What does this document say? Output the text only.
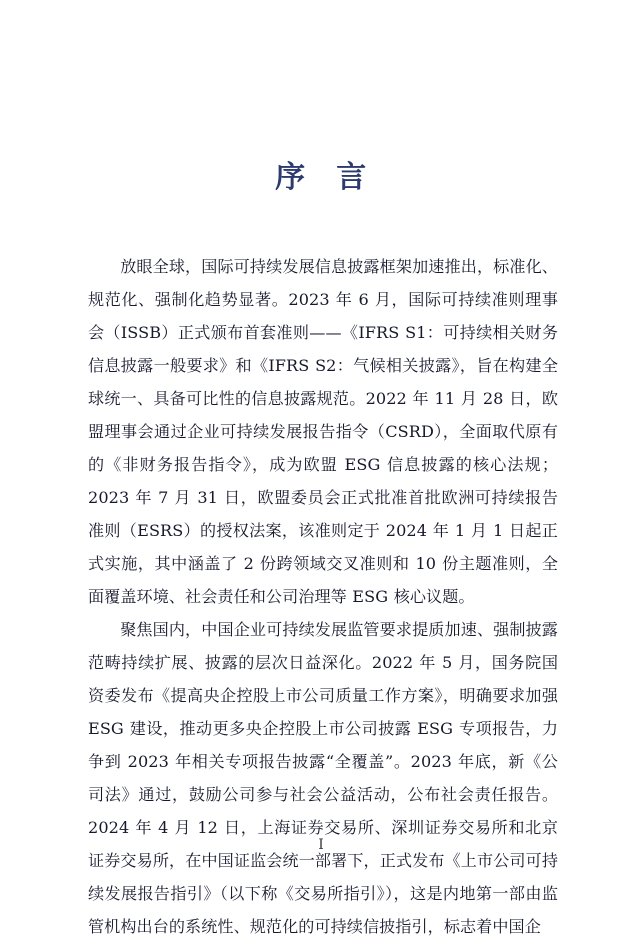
序　言

放眼全球，国际可持续发展信息披露框架加速推出，标准化、规范化、强制化趋势显著。2023 年 6 月，国际可持续准则理事会（ISSB）正式颁布首套准则——《IFRS S1：可持续相关财务信息披露一般要求》和《IFRS S2：气候相关披露》，旨在构建全球统一、具备可比性的信息披露规范。2022 年 11 月 28 日，欧盟理事会通过企业可持续发展报告指令（CSRD），全面取代原有的《非财务报告指令》，成为欧盟 ESG 信息披露的核心法规；2023 年 7 月 31 日，欧盟委员会正式批准首批欧洲可持续报告准则（ESRS）的授权法案，该准则定于 2024 年 1 月 1 日起正式实施，其中涵盖了 2 份跨领域交叉准则和 10 份主题准则，全面覆盖环境、社会责任和公司治理等 ESG 核心议题。

聚焦国内，中国企业可持续发展监管要求提质加速、强制披露范畴持续扩展、披露的层次日益深化。2022 年 5 月，国务院国资委发布《提高央企控股上市公司质量工作方案》，明确要求加强 ESG 建设，推动更多央企控股上市公司披露 ESG 专项报告，力争到 2023 年相关专项报告披露“全覆盖”。2023 年底，新《公司法》通过，鼓励公司参与社会公益活动，公布社会责任报告。2024 年 4 月 12 日，上海证券交易所、深圳证券交易所和北京证券交易所，在中国证监会统一部署下，正式发布《上市公司可持续发展报告指引》（以下称《交易所指引》），这是内地第一部由监管机构出台的系统性、规范化的可持续信披指引，标志着中国企

I
